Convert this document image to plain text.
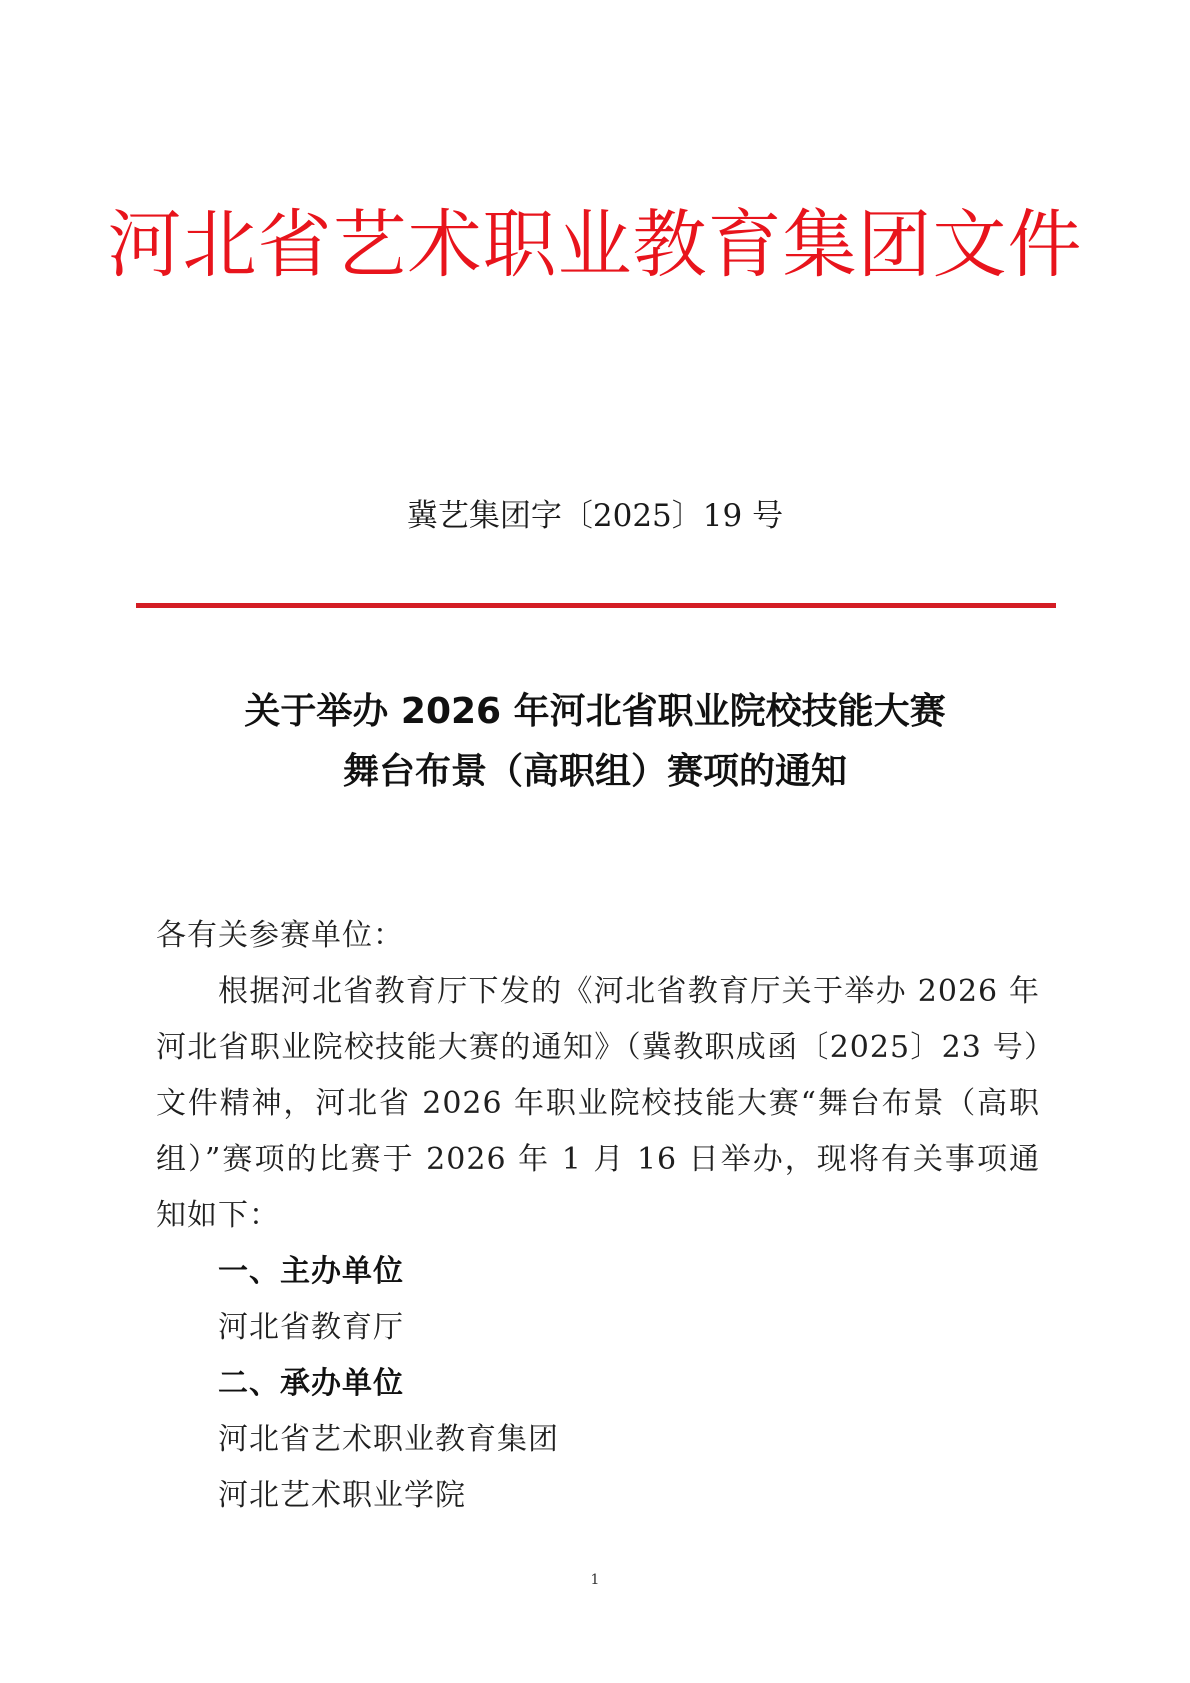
河北省艺术职业教育集团文件
冀艺集团字〔2025〕19 号
关于举办 2026 年河北省职业院校技能大赛
舞台布景（高职组）赛项的通知

各有关参赛单位：

根据河北省教育厅下发的《河北省教育厅关于举办 2026 年河北省职业院校技能大赛的通知》（冀教职成函〔2025〕23 号）文件精神，河北省 2026 年职业院校技能大赛“舞台布景（高职组）”赛项的比赛于 2026 年 1 月 16 日举办，现将有关事项通知如下：

一、主办单位

河北省教育厅

二、承办单位

河北省艺术职业教育集团

河北艺术职业学院

1
